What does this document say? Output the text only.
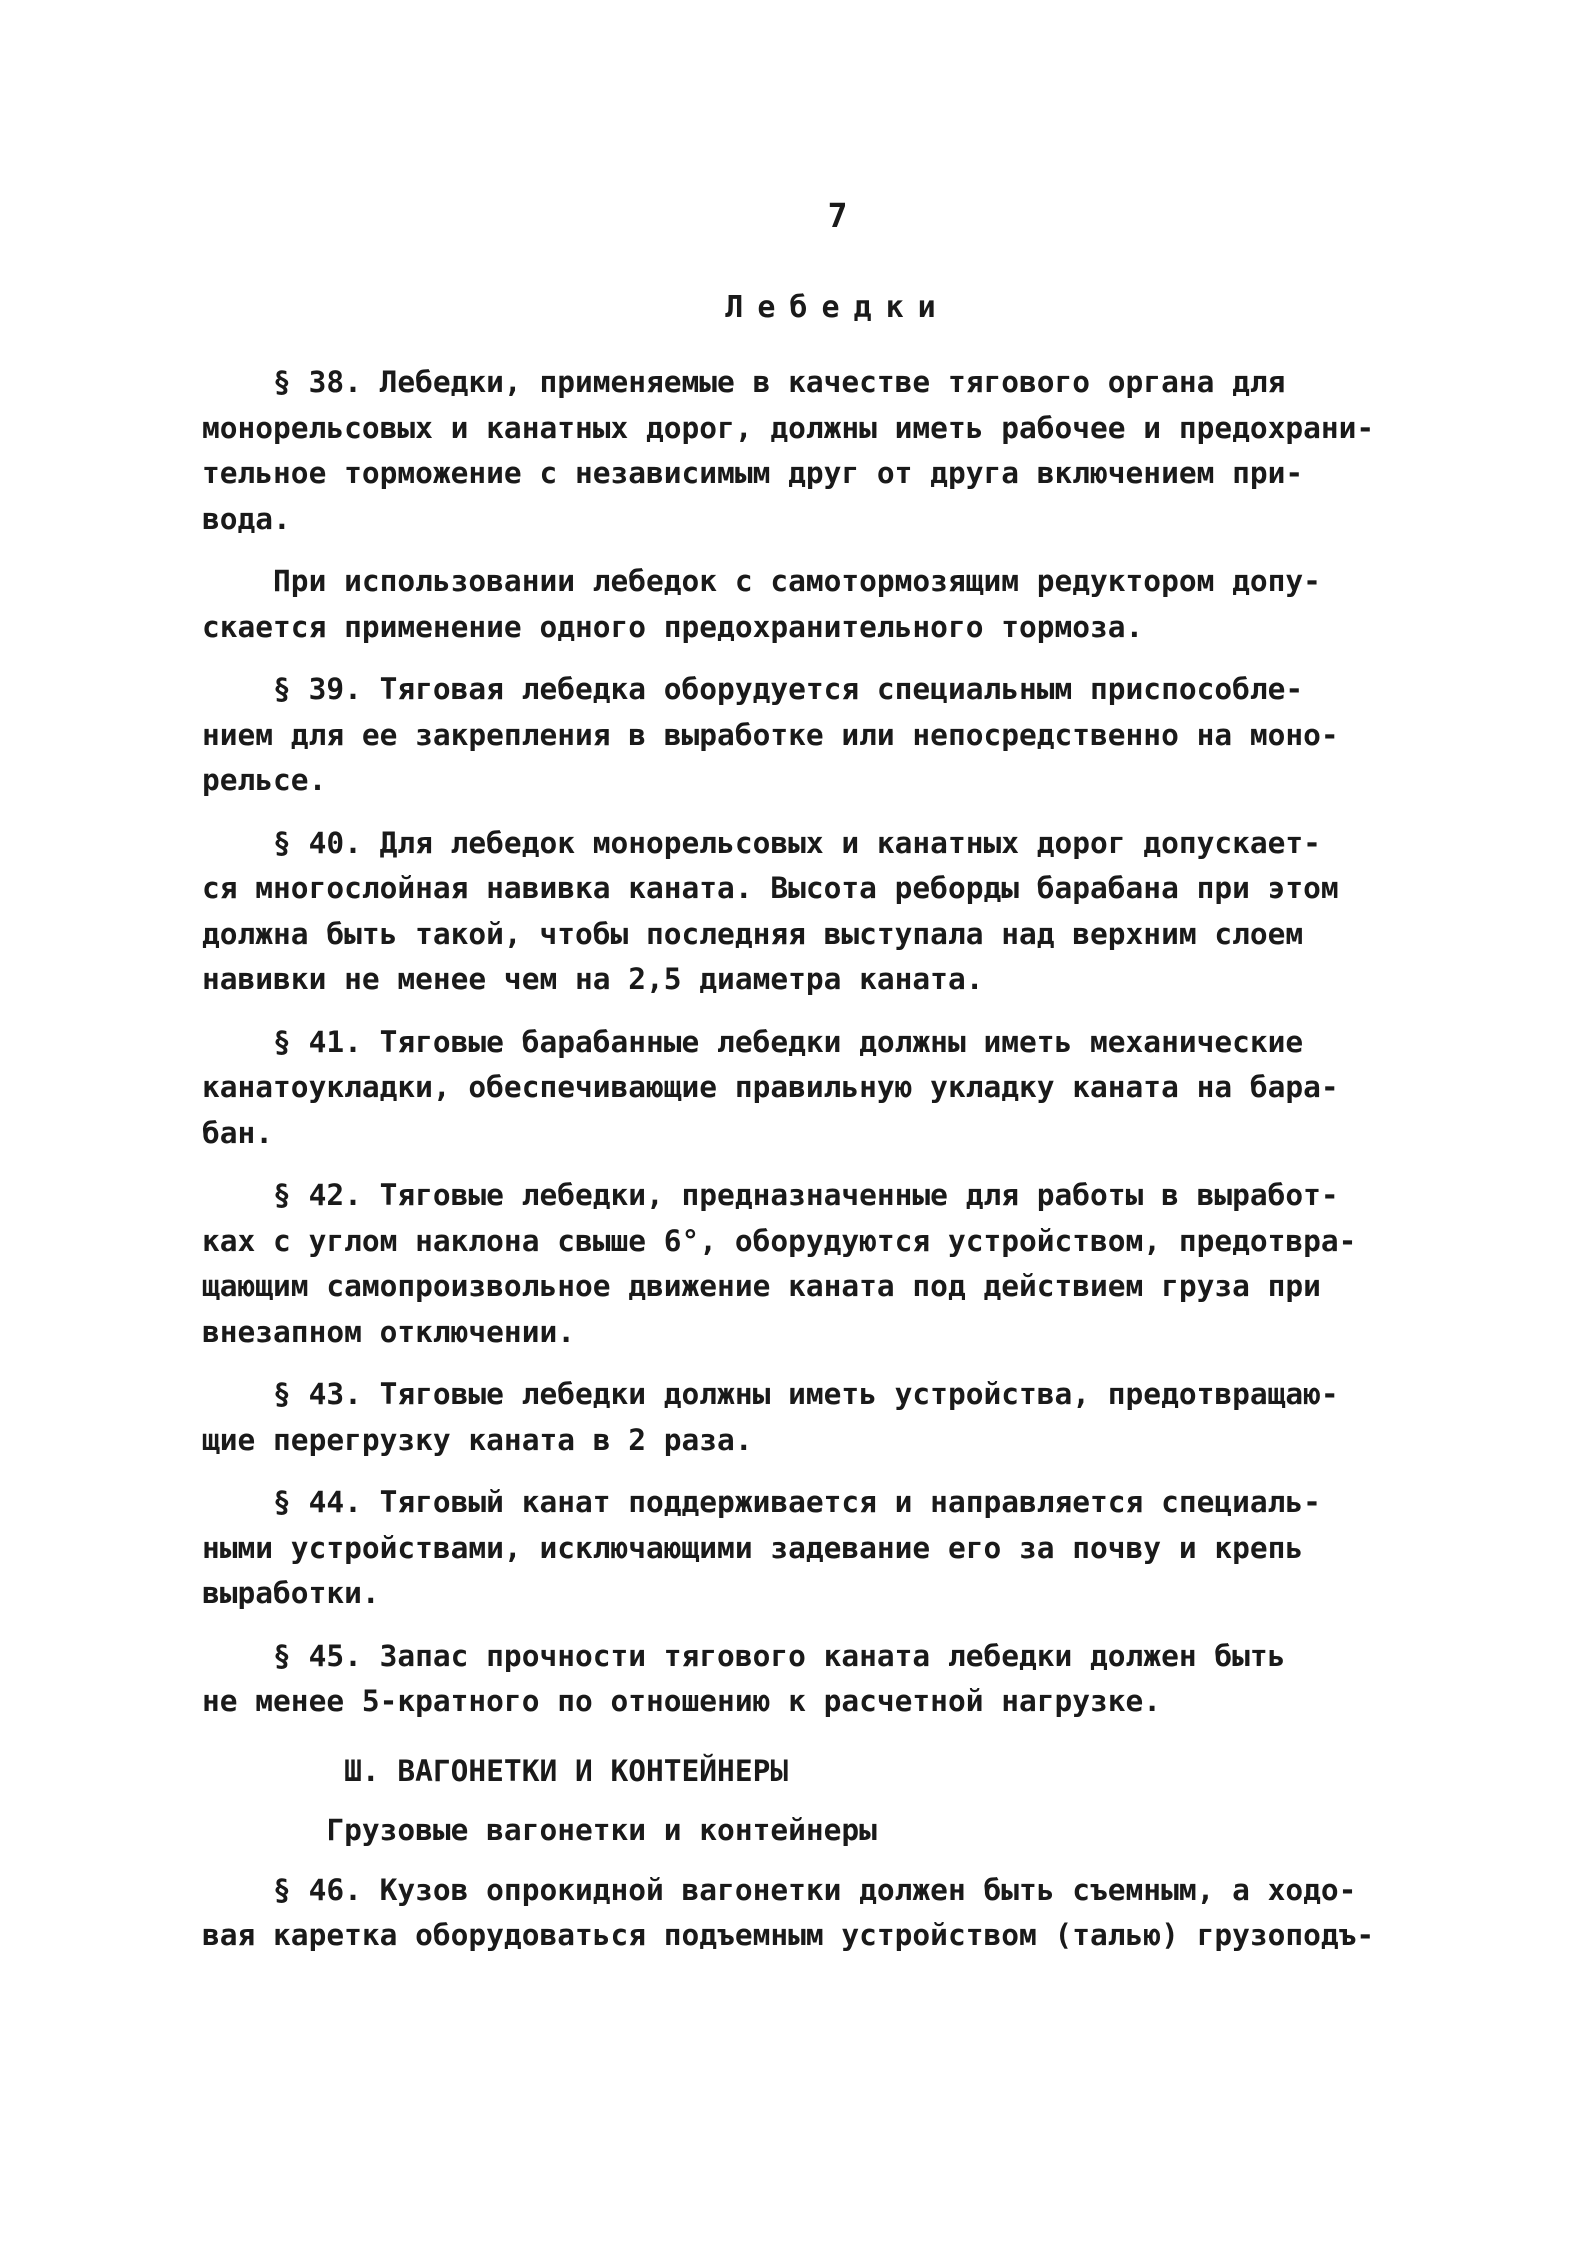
7
Лебедки
§ 38. Лебедки, применяемые в качестве тягового органа для
монорельсовых и канатных дорог, должны иметь рабочее и предохрани-
тельное торможение с независимым друг от друга включением при-
вода.
При использовании лебедок с самотормозящим редуктором допу-
скается применение одного предохранительного тормоза.
§ 39. Тяговая лебедка оборудуется специальным приспособле-
нием для ее закрепления в выработке или непосредственно на моно-
рельсе.
§ 40. Для лебедок монорельсовых и канатных дорог допускает-
ся многослойная навивка каната. Высота реборды барабана при этом
должна быть такой, чтобы последняя выступала над верхним слоем
навивки не менее чем на 2,5 диаметра каната.
§ 41. Тяговые барабанные лебедки должны иметь механические
канатоукладки, обеспечивающие правильную укладку каната на бара-
бан.
§ 42. Тяговые лебедки, предназначенные для работы в выработ-
ках с углом наклона свыше 6°, оборудуются устройством, предотвра-
щающим самопроизвольное движение каната под действием груза при
внезапном отключении.
§ 43. Тяговые лебедки должны иметь устройства, предотвращаю-
щие перегрузку каната в 2 раза.
§ 44. Тяговый канат поддерживается и направляется специаль-
ными устройствами, исключающими задевание его за почву и крепь
выработки.
§ 45. Запас прочности тягового каната лебедки должен быть
не менее 5-кратного по отношению к расчетной нагрузке.
Ш. ВАГОНЕТКИ И КОНТЕЙНЕРЫ
Грузовые вагонетки и контейнеры
§ 46. Кузов опрокидной вагонетки должен быть съемным, а ходо-
вая каретка оборудоваться подъемным устройством (талью) грузоподъ-
